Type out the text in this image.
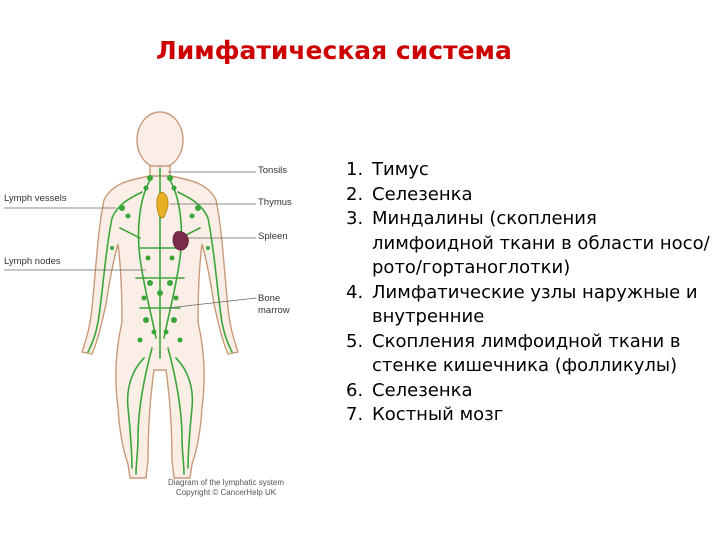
Лимфатическая система
Tonsils
Lymph vessels	Thymus
Spleen
Lymph nodes
Bone
marrow
Diagram of the lymphatic system
Copyright © CancerHelp UK
1. Тимус
2. Селезенка
3. Миндалины (скопления лимфоидной ткани в области носо/рото/гортаноглотки)
4. Лимфатические узлы наружные и внутренние
5. Скопления лимфоидной ткани в стенке кишечника (фолликулы)
6. Селезенка
7. Костный мозг
